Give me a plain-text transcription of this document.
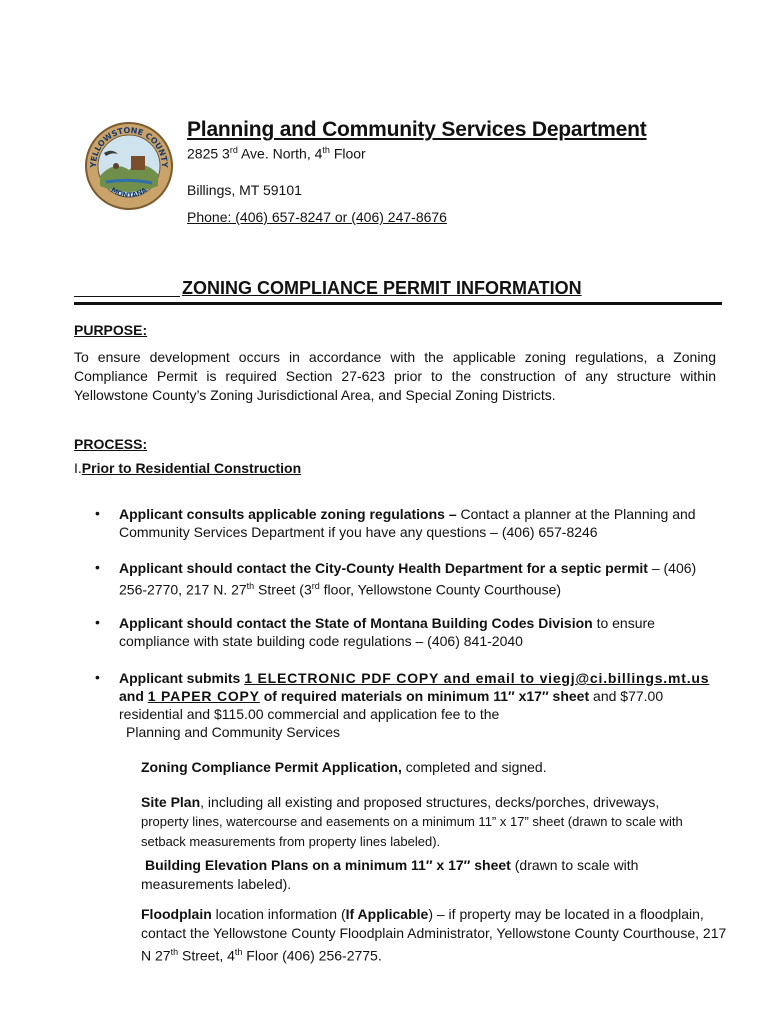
YELLOWSTONE COUNTY
MONTANA
Planning and Community Services Department
2825 3rd Ave. North, 4th Floor
Billings, MT 59101
Phone: (406) 657-8247 or (406) 247-8676
ZONING COMPLIANCE PERMIT INFORMATION
PURPOSE:
To ensure development occurs in accordance with the applicable zoning regulations, a Zoning Compliance Permit is required Section 27-623 prior to the construction of any structure within Yellowstone County’s Zoning Jurisdictional Area, and Special Zoning Districts.
PROCESS:
I.Prior to Residential Construction
• Applicant consults applicable zoning regulations – Contact a planner at the Planning and Community Services Department if you have any questions – (406) 657-8246
• Applicant should contact the City-County Health Department for a septic permit – (406) 256-2770, 217 N. 27th Street (3rd floor, Yellowstone County Courthouse)
• Applicant should contact the State of Montana Building Codes Division to ensure compliance with state building code regulations – (406) 841-2040
• Applicant submits 1 ELECTRONIC PDF COPY and email to viegj@ci.billings.mt.us and 1 PAPER COPY of required materials on minimum 11″ x17″ sheet and $77.00 residential and $115.00 commercial and application fee to the
Planning and Community Services
Zoning Compliance Permit Application, completed and signed.
Site Plan, including all existing and proposed structures, decks/porches, driveways,
property lines, watercourse and easements on a minimum 11” x 17” sheet (drawn to scale with setback measurements from property lines labeled).
Building Elevation Plans on a minimum 11″ x 17″ sheet (drawn to scale with measurements labeled).
Floodplain location information (If Applicable) – if property may be located in a floodplain, contact the Yellowstone County Floodplain Administrator, Yellowstone County Courthouse, 217 N 27th Street, 4th Floor (406) 256-2775.
